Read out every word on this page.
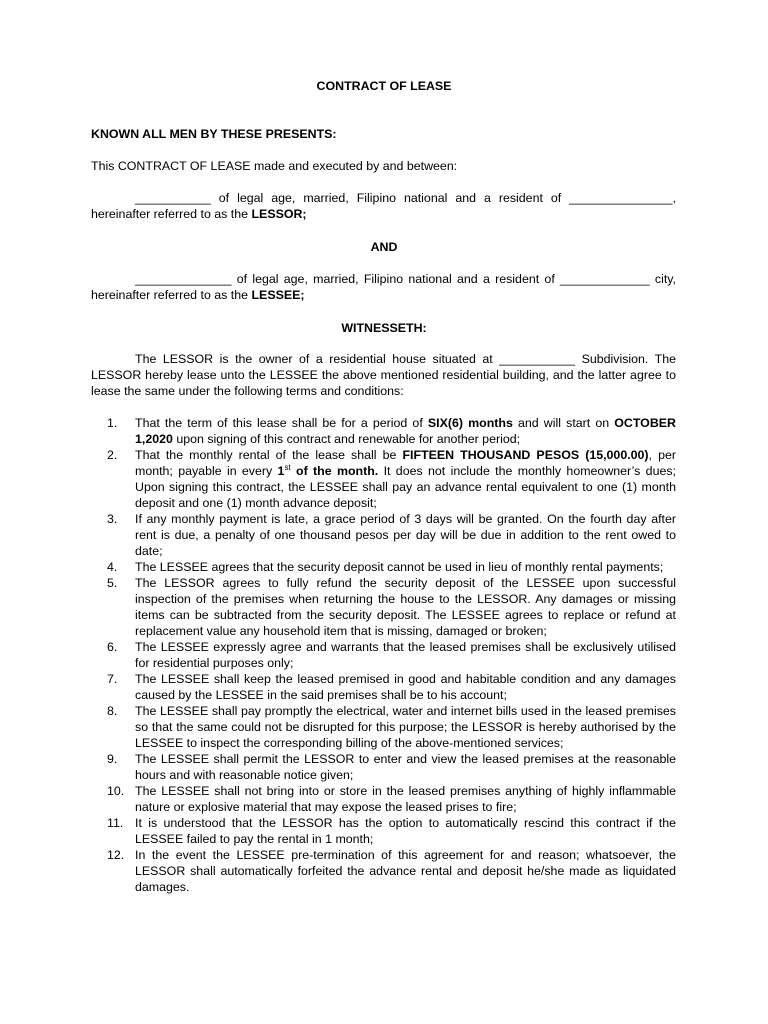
CONTRACT OF LEASE
KNOWN ALL MEN BY THESE PRESENTS:
This CONTRACT OF LEASE made and executed by and between:
___________ of legal age, married, Filipino national and a resident of _______________, hereinafter referred to as the LESSOR;
AND
______________ of legal age, married, Filipino national and a resident of _____________ city, hereinafter referred to as the LESSEE;
WITNESSETH:
The LESSOR is the owner of a residential house situated at ___________ Subdivision. The LESSOR hereby lease unto the LESSEE the above mentioned residential building, and the latter agree to lease the same under the following terms and conditions:
1.	That the term of this lease shall be for a period of SIX(6) months and will start on OCTOBER 1,2020 upon signing of this contract and renewable for another period;
2.	That the monthly rental of the lease shall be FIFTEEN THOUSAND PESOS (15,000.00), per month; payable in every 1st of the month. It does not include the monthly homeowner’s dues; Upon signing this contract, the LESSEE shall pay an advance rental equivalent to one (1) month deposit and one (1) month advance deposit;
3.	If any monthly payment is late, a grace period of 3 days will be granted. On the fourth day after rent is due, a penalty of one thousand pesos per day will be due in addition to the rent owed to date;
4.	The LESSEE agrees that the security deposit cannot be used in lieu of monthly rental payments;
5.	The LESSOR agrees to fully refund the security deposit of the LESSEE upon successful inspection of the premises when returning the house to the LESSOR. Any damages or missing items can be subtracted from the security deposit. The LESSEE agrees to replace or refund at replacement value any household item that is missing, damaged or broken;
6.	The LESSEE expressly agree and warrants that the leased premises shall be exclusively utilised for residential purposes only;
7.	The LESSEE shall keep the leased premised in good and habitable condition and any damages caused by the LESSEE in the said premises shall be to his account;
8.	The LESSEE shall pay promptly the electrical, water and internet bills used in the leased premises so that the same could not be disrupted for this purpose; the LESSOR is hereby authorised by the LESSEE to inspect the corresponding billing of the above-mentioned services;
9.	The LESSEE shall permit the LESSOR to enter and view the leased premises at the reasonable hours and with reasonable notice given;
10. The LESSEE shall not bring into or store in the leased premises anything of highly inflammable nature or explosive material that may expose the leased prises to fire;
11. It is understood that the LESSOR has the option to automatically rescind this contract if the LESSEE failed to pay the rental in 1 month;
12. In the event the LESSEE pre-termination of this agreement for and reason; whatsoever, the LESSOR shall automatically forfeited the advance rental and deposit he/she made as liquidated damages.
